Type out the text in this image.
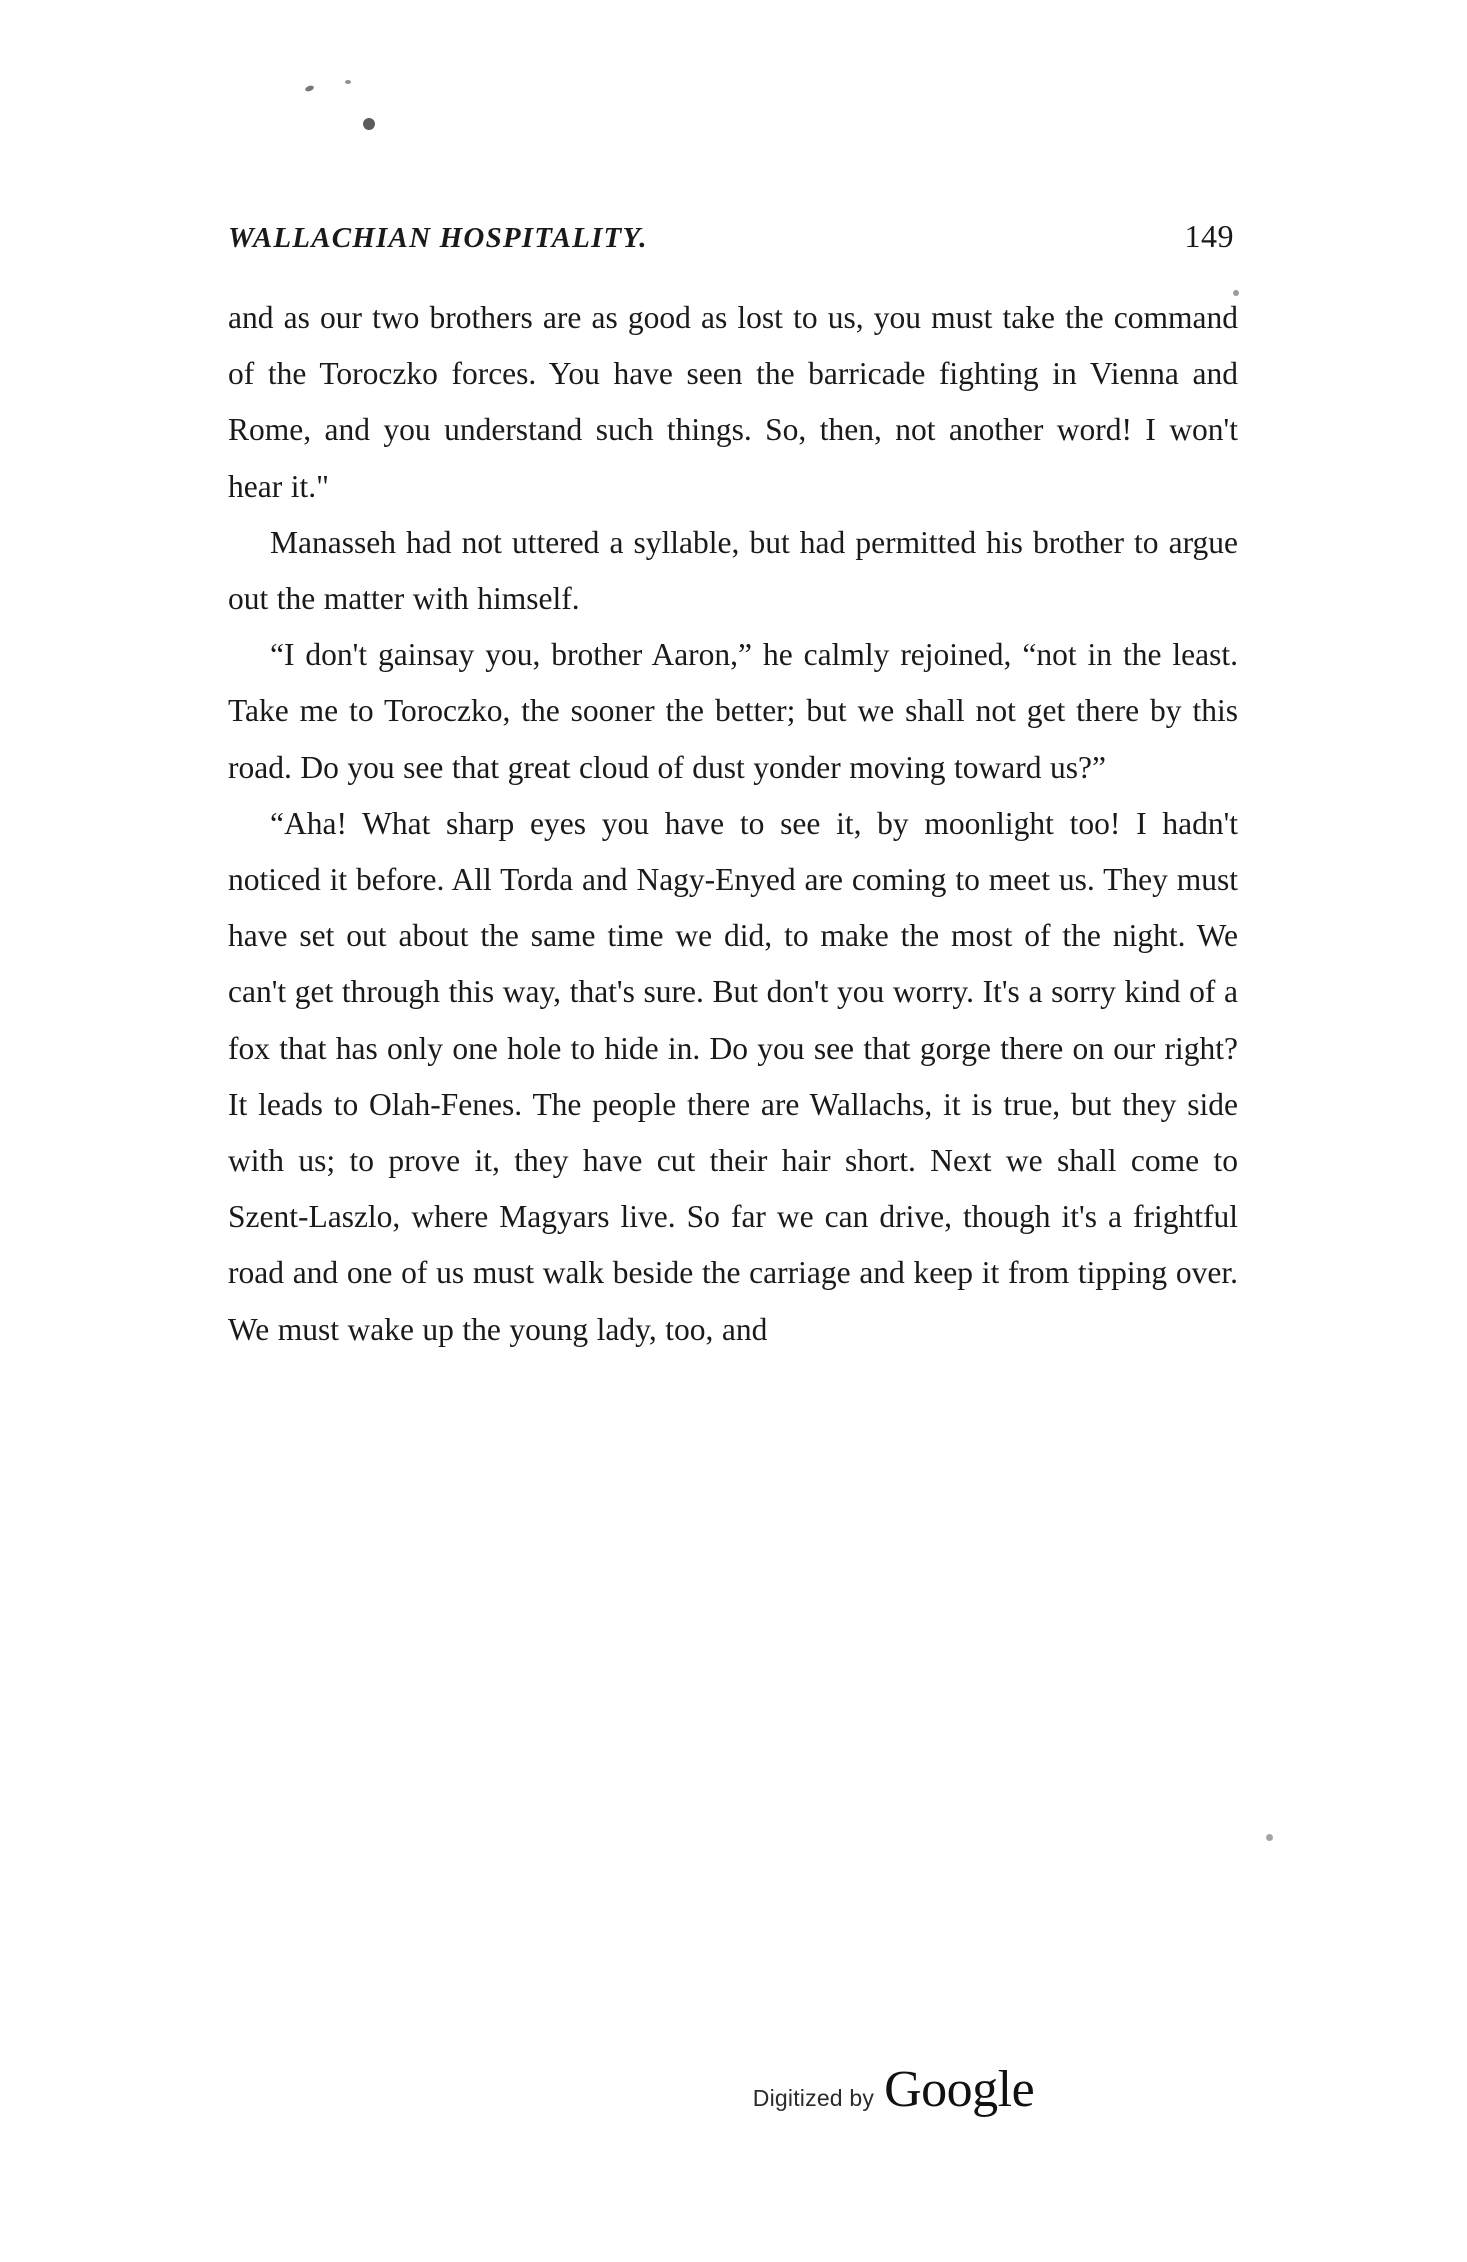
WALLACHIAN HOSPITALITY.	149

and as our two brothers are as good as lost to us, you must take the command of the Toroczko forces. You have seen the barricade fighting in Vienna and Rome, and you understand such things. So, then, not another word! I won't hear it."

Manasseh had not uttered a syllable, but had permitted his brother to argue out the matter with himself.

“I don't gainsay you, brother Aaron,” he calmly rejoined, “not in the least. Take me to Toroczko, the sooner the better; but we shall not get there by this road. Do you see that great cloud of dust yonder moving toward us?”

“Aha! What sharp eyes you have to see it, by moonlight too! I hadn't noticed it before. All Torda and Nagy-Enyed are coming to meet us. They must have set out about the same time we did, to make the most of the night. We can't get through this way, that's sure. But don't you worry. It's a sorry kind of a fox that has only one hole to hide in. Do you see that gorge there on our right? It leads to Olah-Fenes. The people there are Wallachs, it is true, but they side with us; to prove it, they have cut their hair short. Next we shall come to Szent-Laszlo, where Magyars live. So far we can drive, though it's a frightful road and one of us must walk beside the carriage and keep it from tipping over. We must wake up the young lady, too, and

Digitized by Google
